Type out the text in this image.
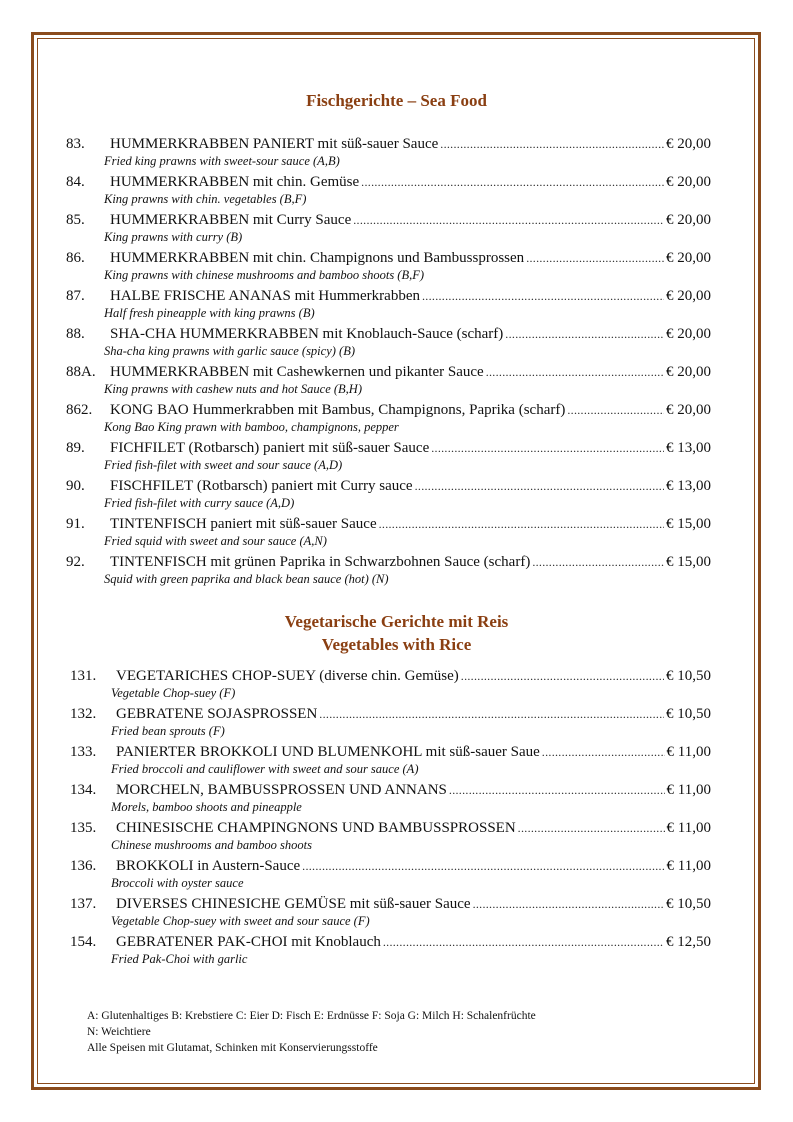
Fischgerichte – Sea Food
83.	HUMMERKRABBEN PANIERT mit süß-sauer Sauce .....	€ 20,00
Fried king prawns with sweet-sour sauce (A,B)
84.	HUMMERKRABBEN mit chin. Gemüse .....	€ 20,00
King prawns with chin. vegetables (B,F)
85.	HUMMERKRABBEN mit Curry Sauce .....	€ 20,00
King prawns with curry (B)
86.	HUMMERKRABBEN mit chin. Champignons und Bambussprossen .....	€ 20,00
King prawns with chinese mushrooms and bamboo shoots (B,F)
87.	HALBE FRISCHE ANANAS mit Hummerkrabben .....	€ 20,00
Half fresh pineapple with king prawns (B)
88.	SHA-CHA HUMMERKRABBEN mit Knoblauch-Sauce (scharf) .....	€ 20,00
Sha-cha king prawns with garlic sauce (spicy) (B)
88A. HUMMERKRABBEN mit Cashewkernen und pikanter Sauce .....	€ 20,00
King prawns with cashew nuts and hot Sauce (B,H)
862.	KONG BAO Hummerkrabben mit Bambus, Champignons, Paprika (scharf) .....	€ 20,00
Kong Bao King prawn with bamboo, champignons, pepper
89.	FICHFILET (Rotbarsch) paniert mit süß-sauer Sauce .....	€ 13,00
Fried fish-filet with sweet and sour sauce (A,D)
90.	FISCHFILET (Rotbarsch) paniert mit Curry sauce .....	€ 13,00
Fried fish-filet with curry sauce (A,D)
91.	TINTENFISCH paniert mit süß-sauer Sauce .....	€ 15,00
Fried squid with sweet and sour sauce (A,N)
92.	TINTENFISCH mit grünen Paprika in Schwarzbohnen Sauce (scharf) .....	€ 15,00
Squid with green paprika and black bean sauce (hot) (N)
Vegetarische Gerichte mit Reis
Vegetables with Rice
131.	VEGETARICHES CHOP-SUEY (diverse chin. Gemüse) .....	€ 10,50
Vegetable Chop-suey (F)
132.	GEBRATENE SOJASPROSSEN .....	€ 10,50
Fried bean sprouts (F)
133.	PANIERTER BROKKOLI UND BLUMENKOHL mit süß-sauer Saue .....	€ 11,00
Fried broccoli and cauliflower with sweet and sour sauce (A)
134.	MORCHELN, BAMBUSSPROSSEN UND ANNANS .....	€ 11,00
Morels, bamboo shoots and pineapple
135.	CHINESISCHE CHAMPINGNONS UND BAMBUSSPROSSEN .....	€ 11,00
Chinese mushrooms and bamboo shoots
136.	BROKKOLI in Austern-Sauce .....	€ 11,00
Broccoli with oyster sauce
137.	DIVERSES CHINESICHE GEMÜSE mit süß-sauer Sauce .....	€ 10,50
Vegetable Chop-suey with sweet and sour sauce (F)
154.	GEBRATENER PAK-CHOI mit Knoblauch .....	€ 12,50
Fried Pak-Choi with garlic
A: Glutenhaltiges B: Krebstiere C: Eier D: Fisch E: Erdnüsse F: Soja G: Milch H: Schalenfrüchte
N: Weichtiere
Alle Speisen mit Glutamat, Schinken mit Konservierungsstoffe
